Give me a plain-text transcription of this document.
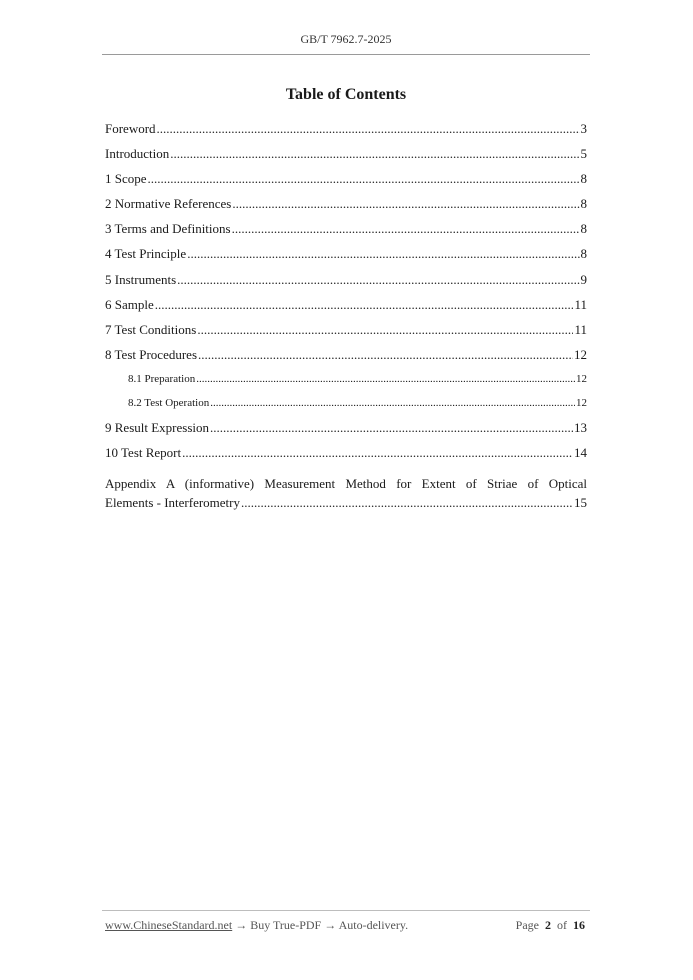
GB/T 7962.7-2025
Table of Contents
Foreword .....	3
Introduction .....	5
1 Scope .....	8
2 Normative References .....	8
3 Terms and Definitions .....	8
4 Test Principle .....	8
5 Instruments .....	9
6 Sample .....	11
7 Test Conditions .....	11
8 Test Procedures .....	12
8.1 Preparation .....	12
8.2 Test Operation .....	12
9 Result Expression .....	13
10 Test Report .....	14
Appendix A (informative) Measurement Method for Extent of Striae of Optical
Elements - Interferometry .....	15
www.ChineseStandard.net → Buy True-PDF → Auto-delivery.	Page 2 of 16
